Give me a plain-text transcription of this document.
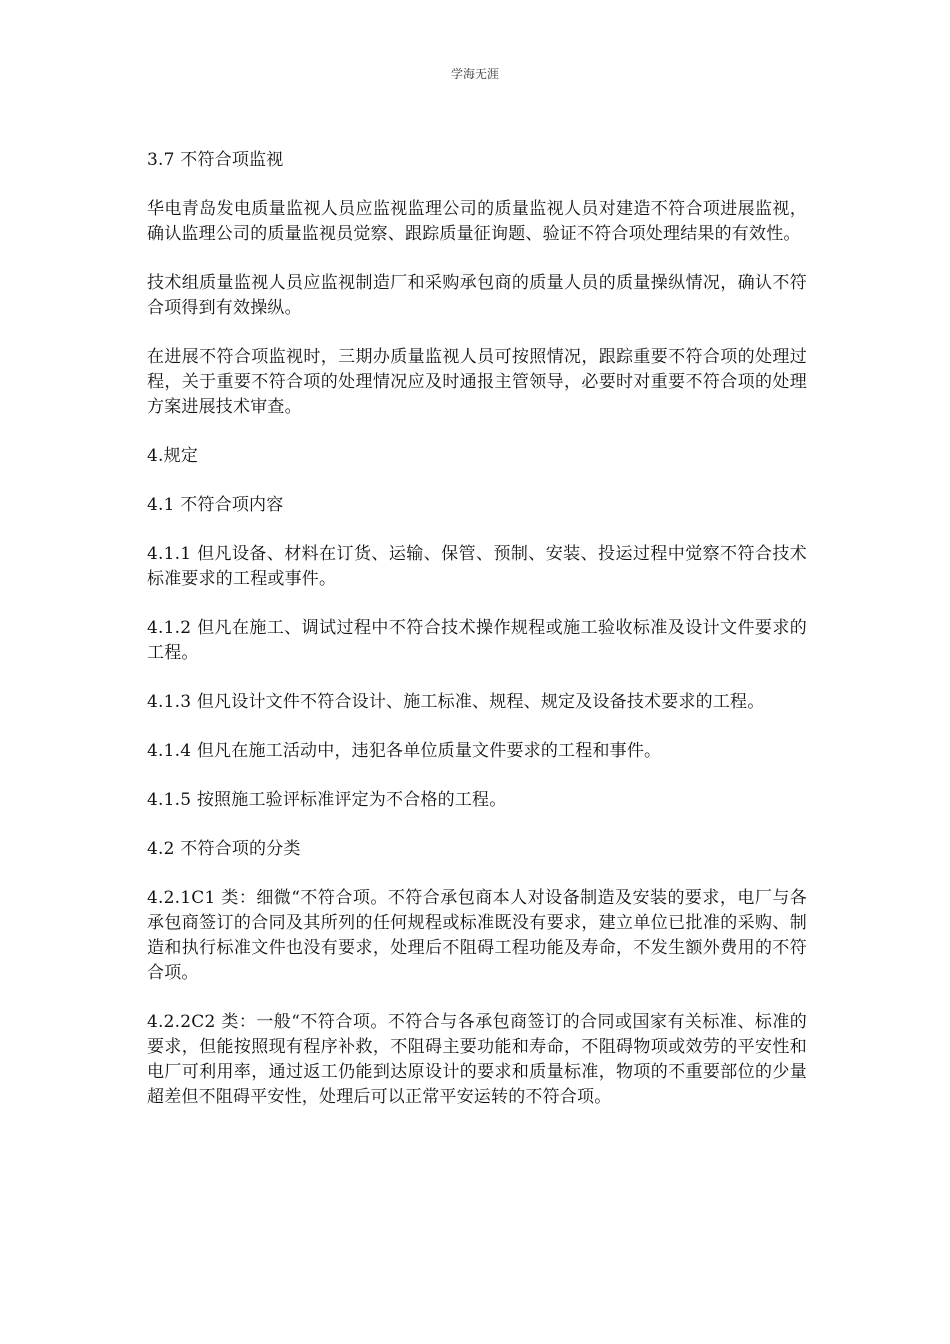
学海无涯

3.7 不符合项监视

华电青岛发电质量监视人员应监视监理公司的质量监视人员对建造不符合项进展监视，确认监理公司的质量监视员觉察、跟踪质量征询题、验证不符合项处理结果的有效性。

技术组质量监视人员应监视制造厂和采购承包商的质量人员的质量操纵情况，确认不符合项得到有效操纵。

在进展不符合项监视时，三期办质量监视人员可按照情况，跟踪重要不符合项的处理过程，关于重要不符合项的处理情况应及时通报主管领导，必要时对重要不符合项的处理方案进展技术审查。

4.规定

4.1 不符合项内容

4.1.1 但凡设备、材料在订货、运输、保管、预制、安装、投运过程中觉察不符合技术标准要求的工程或事件。

4.1.2 但凡在施工、调试过程中不符合技术操作规程或施工验收标准及设计文件要求的工程。

4.1.3 但凡设计文件不符合设计、施工标准、规程、规定及设备技术要求的工程。

4.1.4 但凡在施工活动中，违犯各单位质量文件要求的工程和事件。

4.1.5 按照施工验评标准评定为不合格的工程。

4.2 不符合项的分类

4.2.1C1 类：细微“不符合项。不符合承包商本人对设备制造及安装的要求，电厂与各承包商签订的合同及其所列的任何规程或标准既没有要求，建立单位已批准的采购、制造和执行标准文件也没有要求，处理后不阻碍工程功能及寿命，不发生额外费用的不符合项。

4.2.2C2 类：一般“不符合项。不符合与各承包商签订的合同或国家有关标准、标准的要求，但能按照现有程序补救，不阻碍主要功能和寿命，不阻碍物项或效劳的平安性和电厂可利用率，通过返工仍能到达原设计的要求和质量标准，物项的不重要部位的少量超差但不阻碍平安性，处理后可以正常平安运转的不符合项。
